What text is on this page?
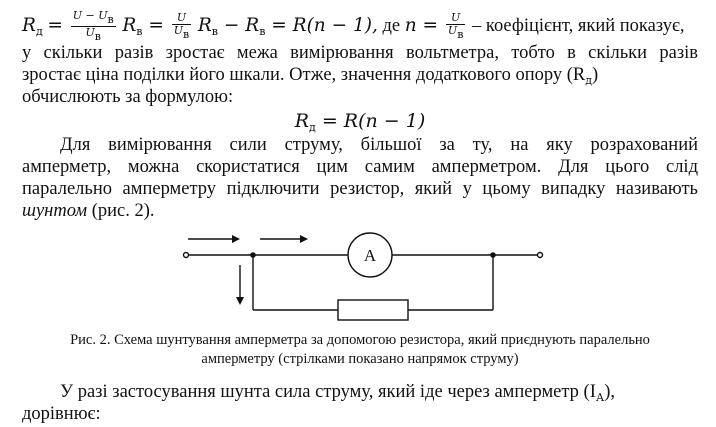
$R_д = \frac{U - Uв}{Uв} R_в = \frac{U}{Uв} R_в - R_в = R(n - 1)$, де $n = \frac{U}{Uв}$ – коефіцієнт, який показує,
у скільки разів зростає межа вимірювання вольтметра, тобто в скільки разів
зростає ціна поділки його шкали. Отже, значення додаткового опору $(R_д)$
обчислюють за формулою:
$R_д = R(n - 1)$
Для вимірювання сили струму, більшої за ту, на яку розрахований
амперметр, можна скористатися цим самим амперметром. Для цього слід
паралельно амперметру підключити резистор, який у цьому випадку називають
шунтом (рис. 2).
A
Рис. 2. Схема шунтування амперметра за допомогою резистора, який приєднують паралельно
амперметру (стрілками показано напрямок струму)
У разі застосування шунта сила струму, який іде через амперметр $(I_А)$,
дорівнює:
